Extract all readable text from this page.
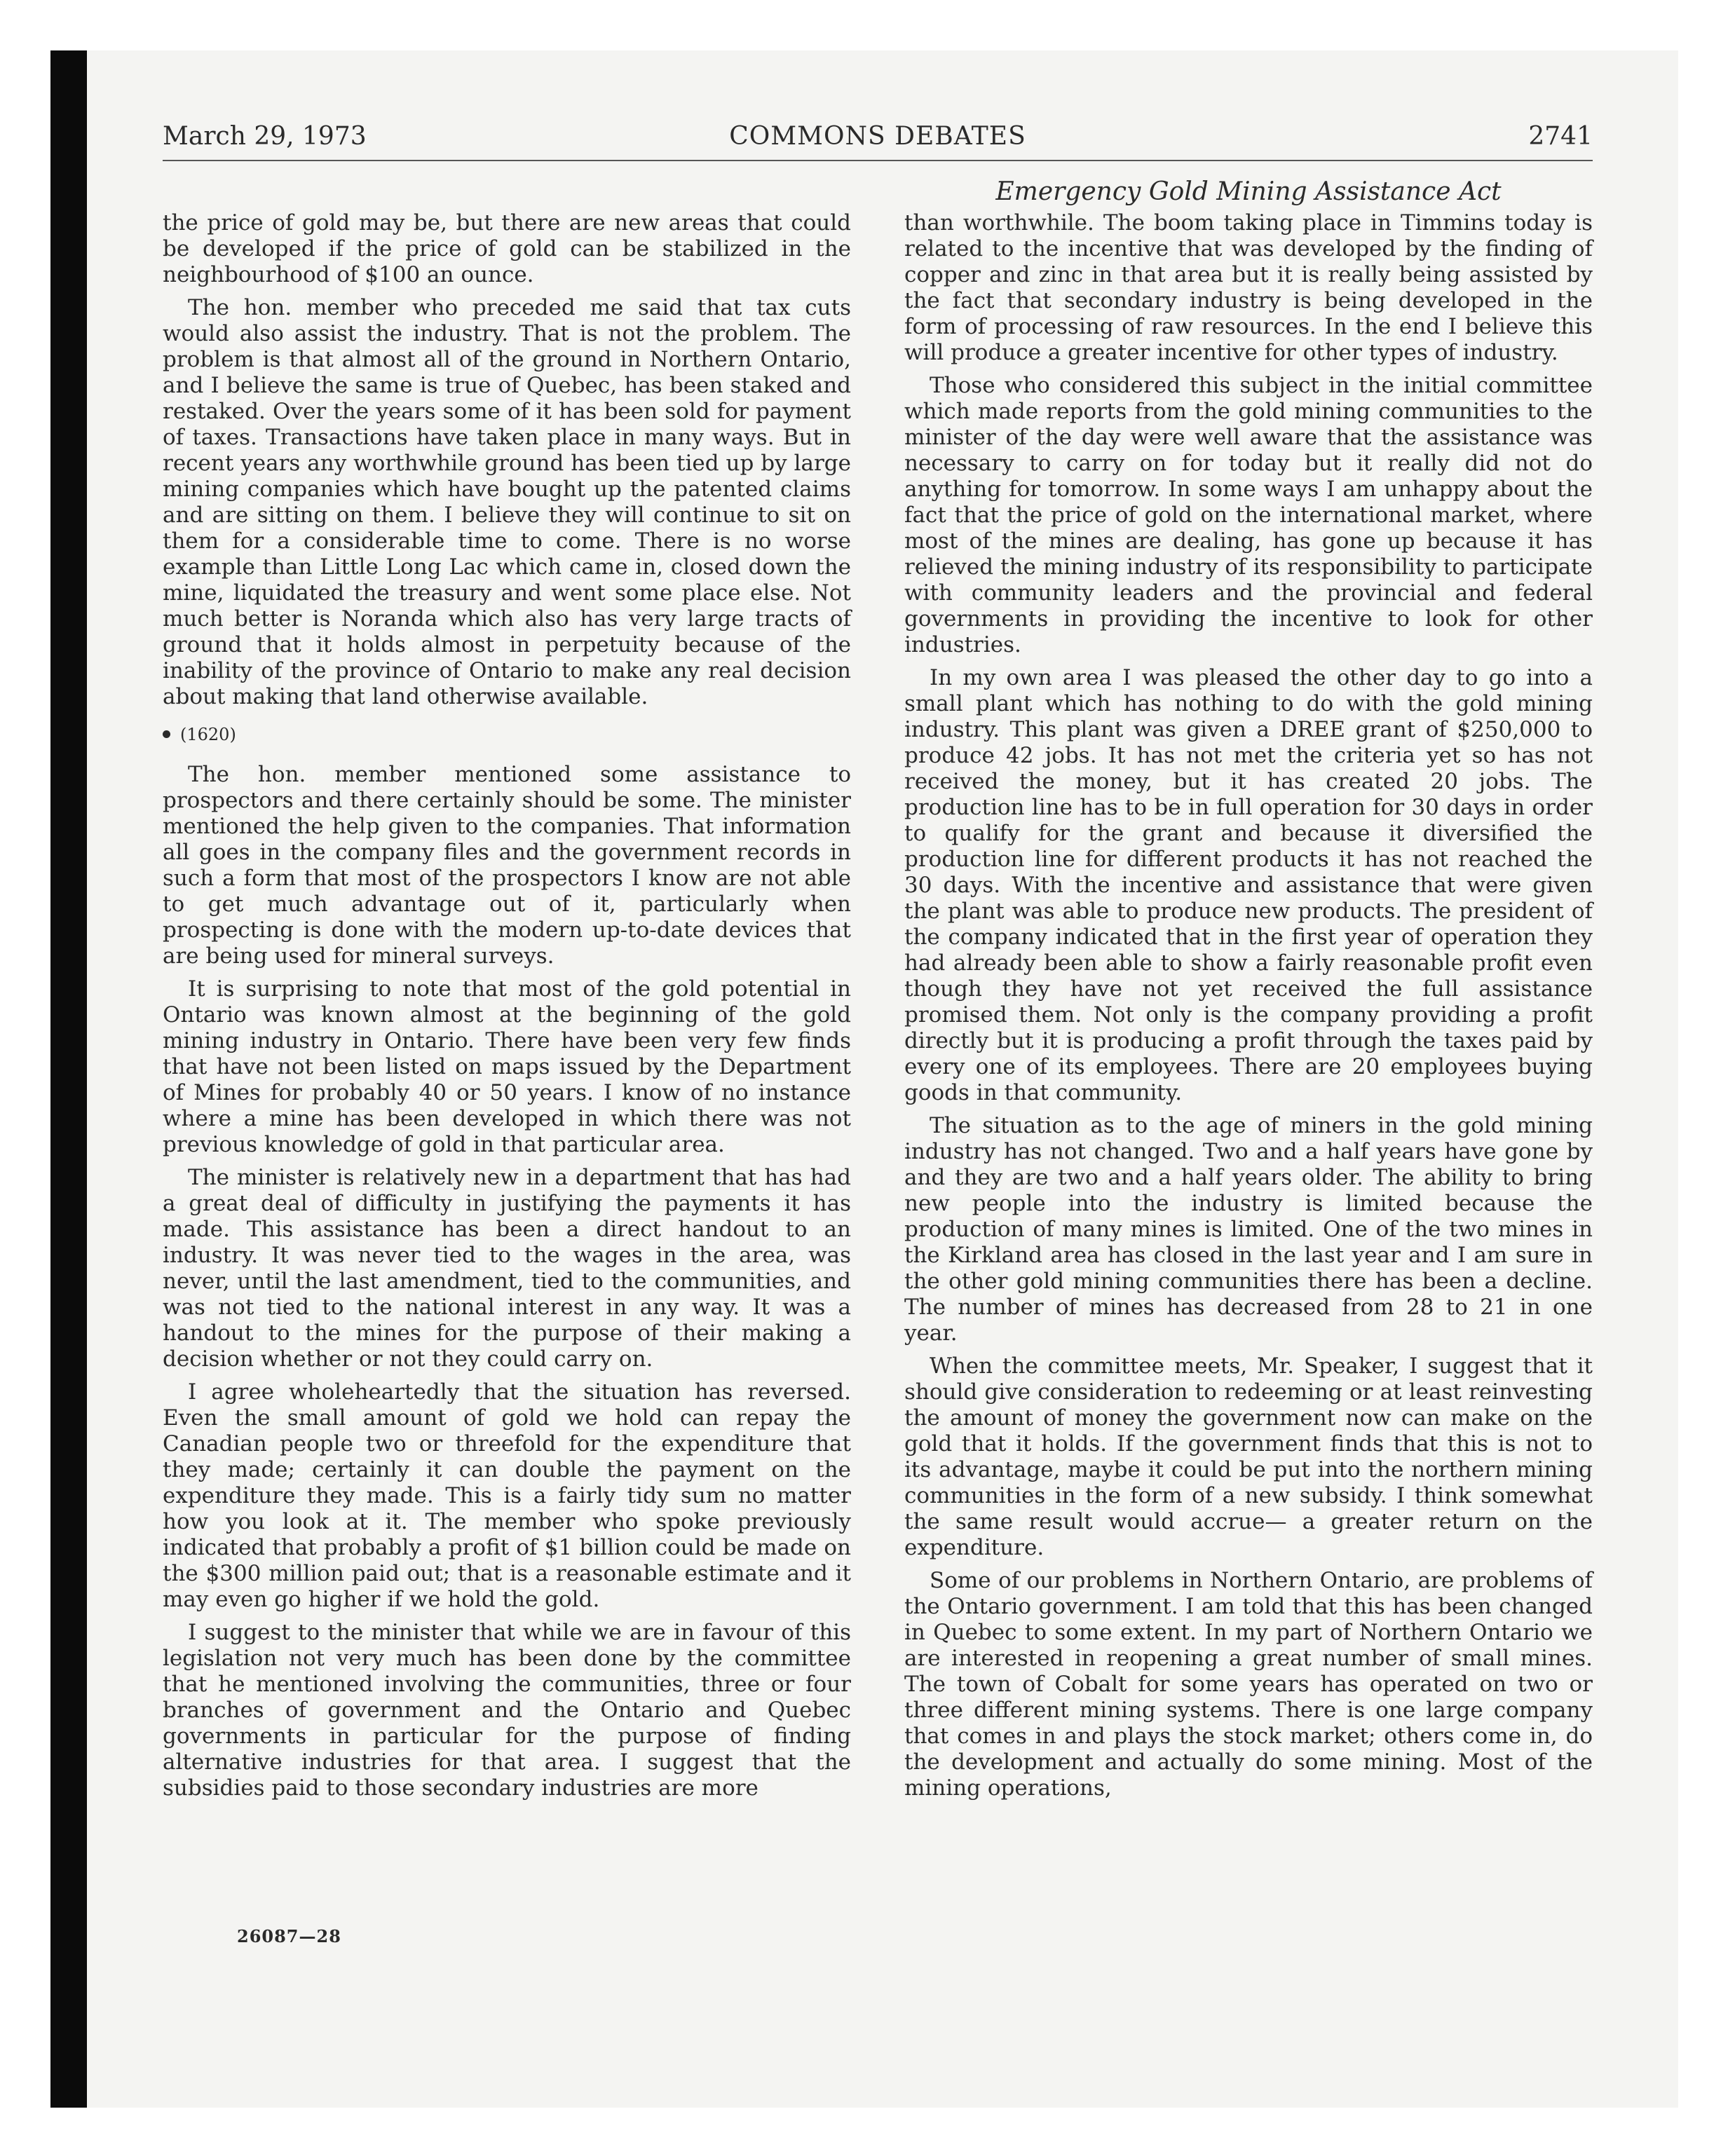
March 29, 1973	COMMONS DEBATES	2741
Emergency Gold Mining Assistance Act

the price of gold may be, but there are new areas that could be developed if the price of gold can be stabilized in the neighbourhood of $100 an ounce.

The hon. member who preceded me said that tax cuts would also assist the industry. That is not the problem. The problem is that almost all of the ground in Northern Ontario, and I believe the same is true of Quebec, has been staked and restaked. Over the years some of it has been sold for payment of taxes. Transactions have taken place in many ways. But in recent years any worthwhile ground has been tied up by large mining companies which have bought up the patented claims and are sitting on them. I believe they will continue to sit on them for a considerable time to come. There is no worse example than Little Long Lac which came in, closed down the mine, liquidated the treasury and went some place else. Not much better is Noranda which also has very large tracts of ground that it holds almost in perpetuity because of the inability of the province of Ontario to make any real decision about making that land otherwise available.

(1620)

The hon. member mentioned some assistance to prospectors and there certainly should be some. The minister mentioned the help given to the companies. That information all goes in the company files and the government records in such a form that most of the prospectors I know are not able to get much advantage out of it, particularly when prospecting is done with the modern up-to-date devices that are being used for mineral surveys.

It is surprising to note that most of the gold potential in Ontario was known almost at the beginning of the gold mining industry in Ontario. There have been very few finds that have not been listed on maps issued by the Department of Mines for probably 40 or 50 years. I know of no instance where a mine has been developed in which there was not previous knowledge of gold in that particular area.

The minister is relatively new in a department that has had a great deal of difficulty in justifying the payments it has made. This assistance has been a direct handout to an industry. It was never tied to the wages in the area, was never, until the last amendment, tied to the communities, and was not tied to the national interest in any way. It was a handout to the mines for the purpose of their making a decision whether or not they could carry on.

I agree wholeheartedly that the situation has reversed. Even the small amount of gold we hold can repay the Canadian people two or threefold for the expenditure that they made; certainly it can double the payment on the expenditure they made. This is a fairly tidy sum no matter how you look at it. The member who spoke previously indicated that probably a profit of $1 billion could be made on the $300 million paid out; that is a reasonable estimate and it may even go higher if we hold the gold.

I suggest to the minister that while we are in favour of this legislation not very much has been done by the committee that he mentioned involving the communities, three or four branches of government and the Ontario and Quebec governments in particular for the purpose of finding alternative industries for that area. I suggest that the subsidies paid to those secondary industries are more

than worthwhile. The boom taking place in Timmins today is related to the incentive that was developed by the finding of copper and zinc in that area but it is really being assisted by the fact that secondary industry is being developed in the form of processing of raw resources. In the end I believe this will produce a greater incentive for other types of industry.

Those who considered this subject in the initial committee which made reports from the gold mining communities to the minister of the day were well aware that the assistance was necessary to carry on for today but it really did not do anything for tomorrow. In some ways I am unhappy about the fact that the price of gold on the international market, where most of the mines are dealing, has gone up because it has relieved the mining industry of its responsibility to participate with community leaders and the provincial and federal governments in providing the incentive to look for other industries.

In my own area I was pleased the other day to go into a small plant which has nothing to do with the gold mining industry. This plant was given a DREE grant of $250,000 to produce 42 jobs. It has not met the criteria yet so has not received the money, but it has created 20 jobs. The production line has to be in full operation for 30 days in order to qualify for the grant and because it diversified the production line for different products it has not reached the 30 days. With the incentive and assistance that were given the plant was able to produce new products. The president of the company indicated that in the first year of operation they had already been able to show a fairly reasonable profit even though they have not yet received the full assistance promised them. Not only is the company providing a profit directly but it is producing a profit through the taxes paid by every one of its employees. There are 20 employees buying goods in that community.

The situation as to the age of miners in the gold mining industry has not changed. Two and a half years have gone by and they are two and a half years older. The ability to bring new people into the industry is limited because the production of many mines is limited. One of the two mines in the Kirkland area has closed in the last year and I am sure in the other gold mining communities there has been a decline. The number of mines has decreased from 28 to 21 in one year.

When the committee meets, Mr. Speaker, I suggest that it should give consideration to redeeming or at least reinvesting the amount of money the government now can make on the gold that it holds. If the government finds that this is not to its advantage, maybe it could be put into the northern mining communities in the form of a new subsidy. I think somewhat the same result would accrue— a greater return on the expenditure.

Some of our problems in Northern Ontario, are problems of the Ontario government. I am told that this has been changed in Quebec to some extent. In my part of Northern Ontario we are interested in reopening a great number of small mines. The town of Cobalt for some years has operated on two or three different mining systems. There is one large company that comes in and plays the stock market; others come in, do the development and actually do some mining. Most of the mining operations,

26087—28
